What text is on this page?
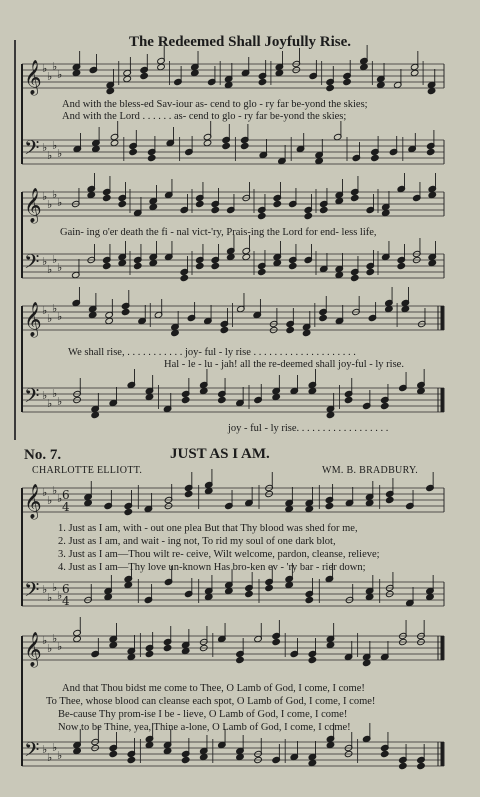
The Redeemed Shall Joyfully Rise.
𝄞 ♭
♭
♭
♭
𝄢 ♭
♭
♭
♭
𝄞 ♭
♭
♭
♭
𝄢 ♭
♭
♭
♭
𝄞 ♭
♭
♭
♭
𝄢 ♭
♭
♭
♭
𝄞 ♭
♭
♭
♭ 6
4
𝄢 ♭
♭
♭
♭ 6
4
𝄞 ♭
♭
♭
♭
𝄢 ♭
♭
♭
♭
And with the bless-ed Sav-iour as- cend to glo - ry far be-yond the skies;
And with the Lord . . . . . . as- cend to glo - ry far be-yond the skies;
Gain- ing o'er death the fi - nal vict-'ry, Prais-ing the Lord for end- less life,
We shall rise, . . . . . . . . . . . joy- ful - ly rise . . . . . . . . . . . . . . . . . . . .
Hal - le - lu - jah! all the re-deemed shall joy-ful - ly rise.
joy - ful - ly rise. . . . . . . . . . . . . . . . . .
No. 7.	JUST AS I AM.
CHARLOTTE ELLIOTT.	WM. B. BRADBURY.
1. Just as I am, with - out one plea But that Thy blood was shed for me,
2. Just as I am, and wait - ing not, To rid my soul of one dark blot,
3. Just as I am—Thou wilt re- ceive, Wilt welcome, pardon, cleanse, relieve;
4. Just as I am—Thy love un-known Has bro-ken ev - 'ry bar - rier down;
And that Thou bidst me come to Thee, O Lamb of God, I come, I come!
To Thee, whose blood can cleanse each spot, O Lamb of God, I come, I come!
Be-cause Thy prom-ise I be - lieve, O Lamb of God, I come, I come!
Now to be Thine, yea, Thine a-lone, O Lamb of God, I come, I come!
